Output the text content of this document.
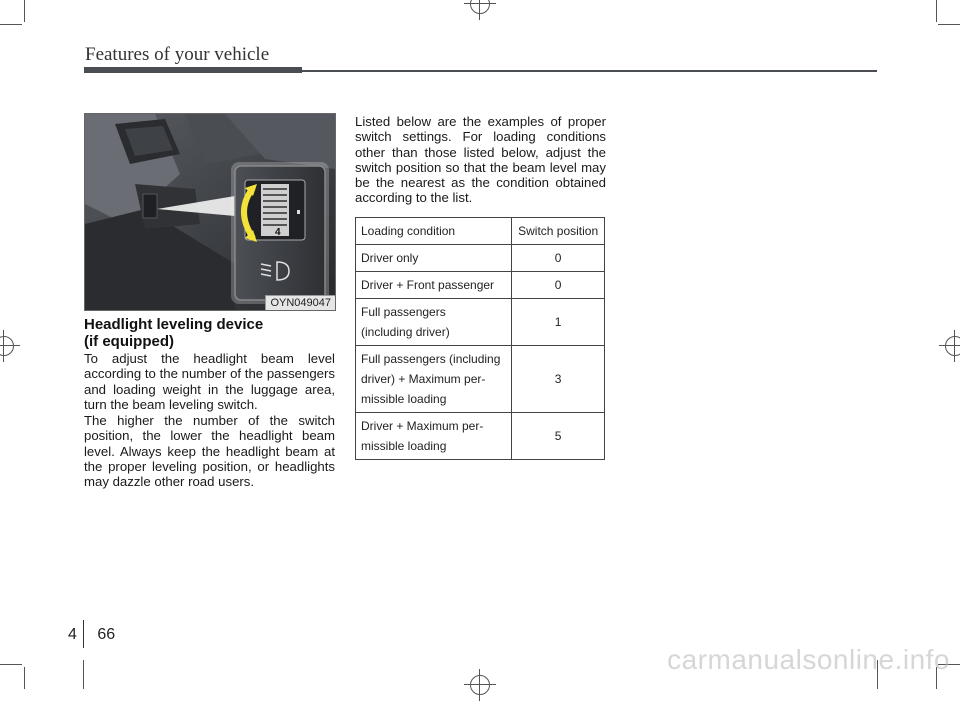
Features of your vehicle
4
OYN049047
Headlight leveling device
(if equipped)
To adjust the headlight beam level according to the number of the passengers and loading weight in the luggage area, turn the beam leveling switch.
The higher the number of the switch position, the lower the headlight beam level. Always keep the headlight beam at the proper leveling position, or headlights may dazzle other road users.
Listed below are the examples of proper switch settings. For loading conditions other than those listed below, adjust the switch position so that the beam level may be the nearest as the condition obtained according to the list.
Loading condition	Switch position

Driver only	0

Driver + Front passenger	0

Full passengers
(including driver)	1

Full passengers (including
driver) + Maximum per-
missible loading	3

Driver + Maximum per-
missible loading	5
4 66
carmanualsonline.info
